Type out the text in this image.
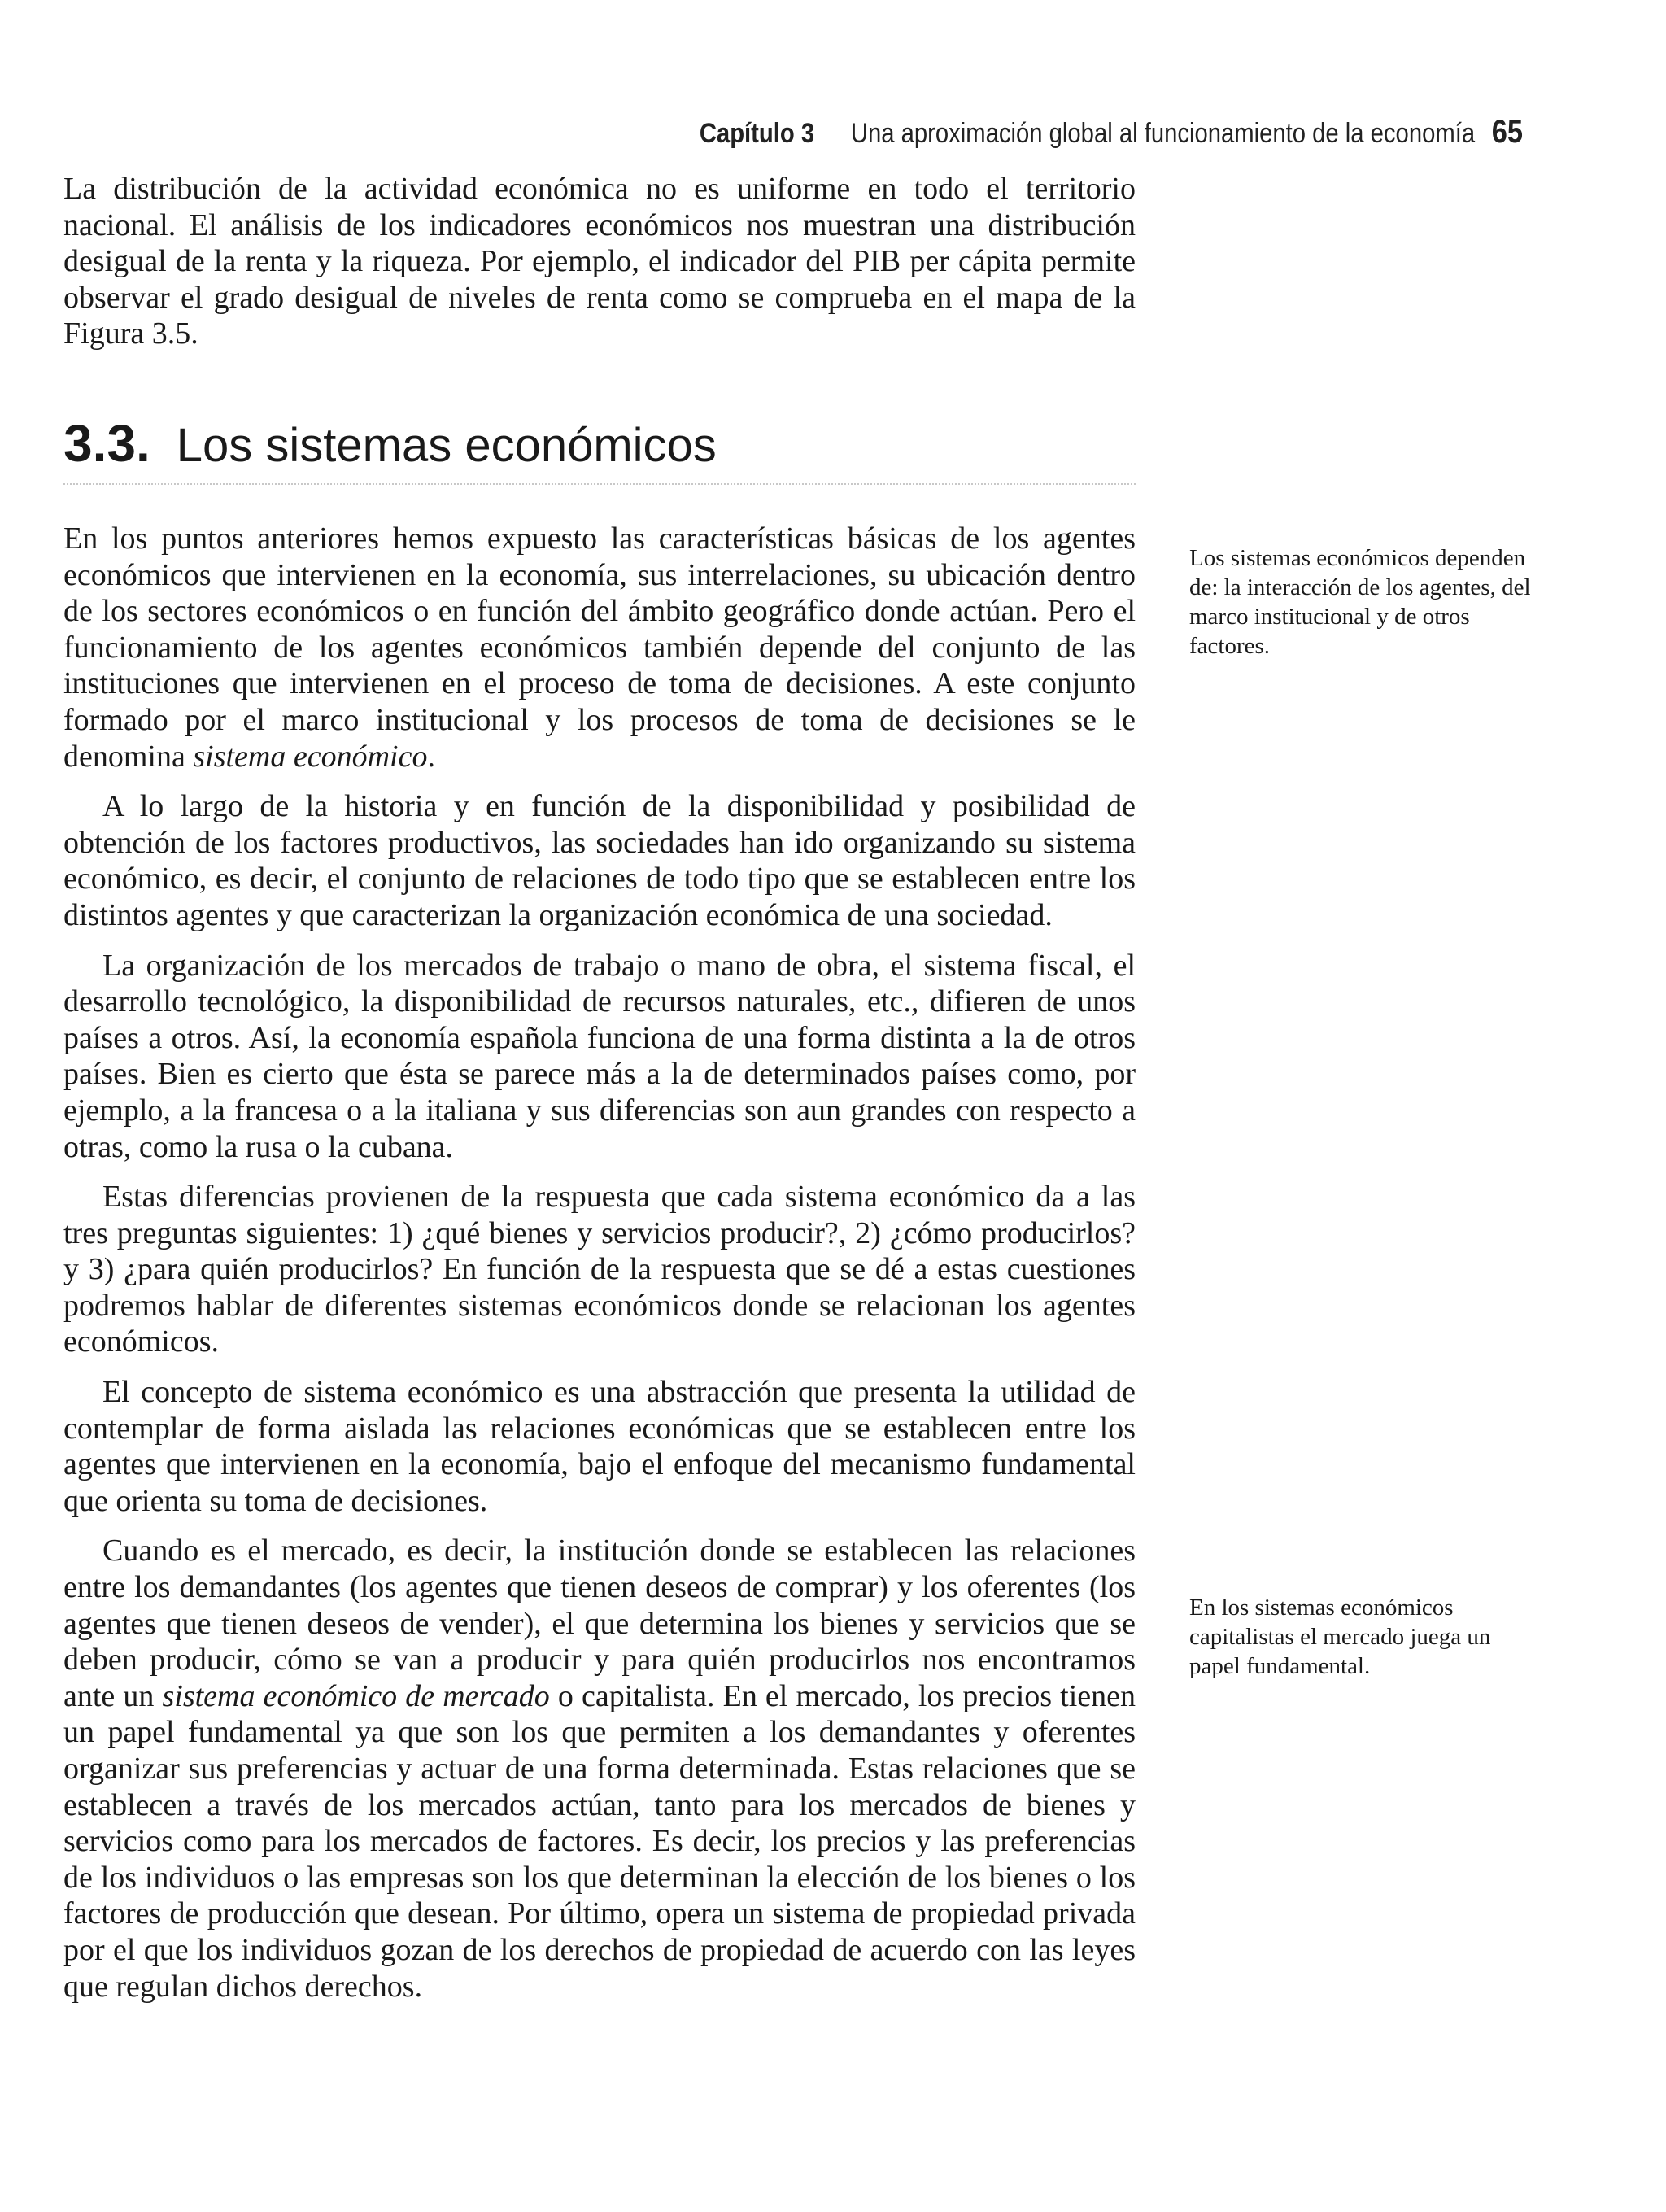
Capítulo 3 Una aproximación global al funcionamiento de la economía 65

La distribución de la actividad económica no es uniforme en todo el territorio nacional. El análisis de los indicadores económicos nos muestran una distribución desigual de la renta y la riqueza. Por ejemplo, el indicador del PIB per cápita permite observar el grado desigual de niveles de renta como se comprueba en el mapa de la Figura 3.5.

3.3. Los sistemas económicos

En los puntos anteriores hemos expuesto las características básicas de los agentes económicos que intervienen en la economía, sus interrelaciones, su ubicación dentro de los sectores económicos o en función del ámbito geográfico donde actúan. Pero el funcionamiento de los agentes económicos también depende del conjunto de las instituciones que intervienen en el proceso de toma de decisiones. A este conjunto formado por el marco institucional y los procesos de toma de decisiones se le denomina sistema económico.

A lo largo de la historia y en función de la disponibilidad y posibilidad de obtención de los factores productivos, las sociedades han ido organizando su sistema económico, es decir, el conjunto de relaciones de todo tipo que se establecen entre los distintos agentes y que caracterizan la organización económica de una sociedad.

La organización de los mercados de trabajo o mano de obra, el sistema fiscal, el desarrollo tecnológico, la disponibilidad de recursos naturales, etc., difieren de unos países a otros. Así, la economía española funciona de una forma distinta a la de otros países. Bien es cierto que ésta se parece más a la de determinados países como, por ejemplo, a la francesa o a la italiana y sus diferencias son aun grandes con respecto a otras, como la rusa o la cubana.

Estas diferencias provienen de la respuesta que cada sistema económico da a las tres preguntas siguientes: 1) ¿qué bienes y servicios producir?, 2) ¿cómo producirlos? y 3) ¿para quién producirlos? En función de la respuesta que se dé a estas cuestiones podremos hablar de diferentes sistemas económicos donde se relacionan los agentes económicos.

El concepto de sistema económico es una abstracción que presenta la utilidad de contemplar de forma aislada las relaciones económicas que se establecen entre los agentes que intervienen en la economía, bajo el enfoque del mecanismo fundamental que orienta su toma de decisiones.

Cuando es el mercado, es decir, la institución donde se establecen las relaciones entre los demandantes (los agentes que tienen deseos de comprar) y los oferentes (los agentes que tienen deseos de vender), el que determina los bienes y servicios que se deben producir, cómo se van a producir y para quién producirlos nos encontramos ante un sistema económico de mercado o capitalista. En el mercado, los precios tienen un papel fundamental ya que son los que permiten a los demandantes y oferentes organizar sus preferencias y actuar de una forma determinada. Estas relaciones que se establecen a través de los mercados actúan, tanto para los mercados de bienes y servicios como para los mercados de factores. Es decir, los precios y las preferencias de los individuos o las empresas son los que determinan la elección de los bienes o los factores de producción que desean. Por último, opera un sistema de propiedad privada por el que los individuos gozan de los derechos de propiedad de acuerdo con las leyes que regulan dichos derechos.

Los sistemas económicos dependen de: la interacción de los agentes, del marco institucional y de otros factores.

En los sistemas económicos capitalistas el mercado juega un papel fundamental.
